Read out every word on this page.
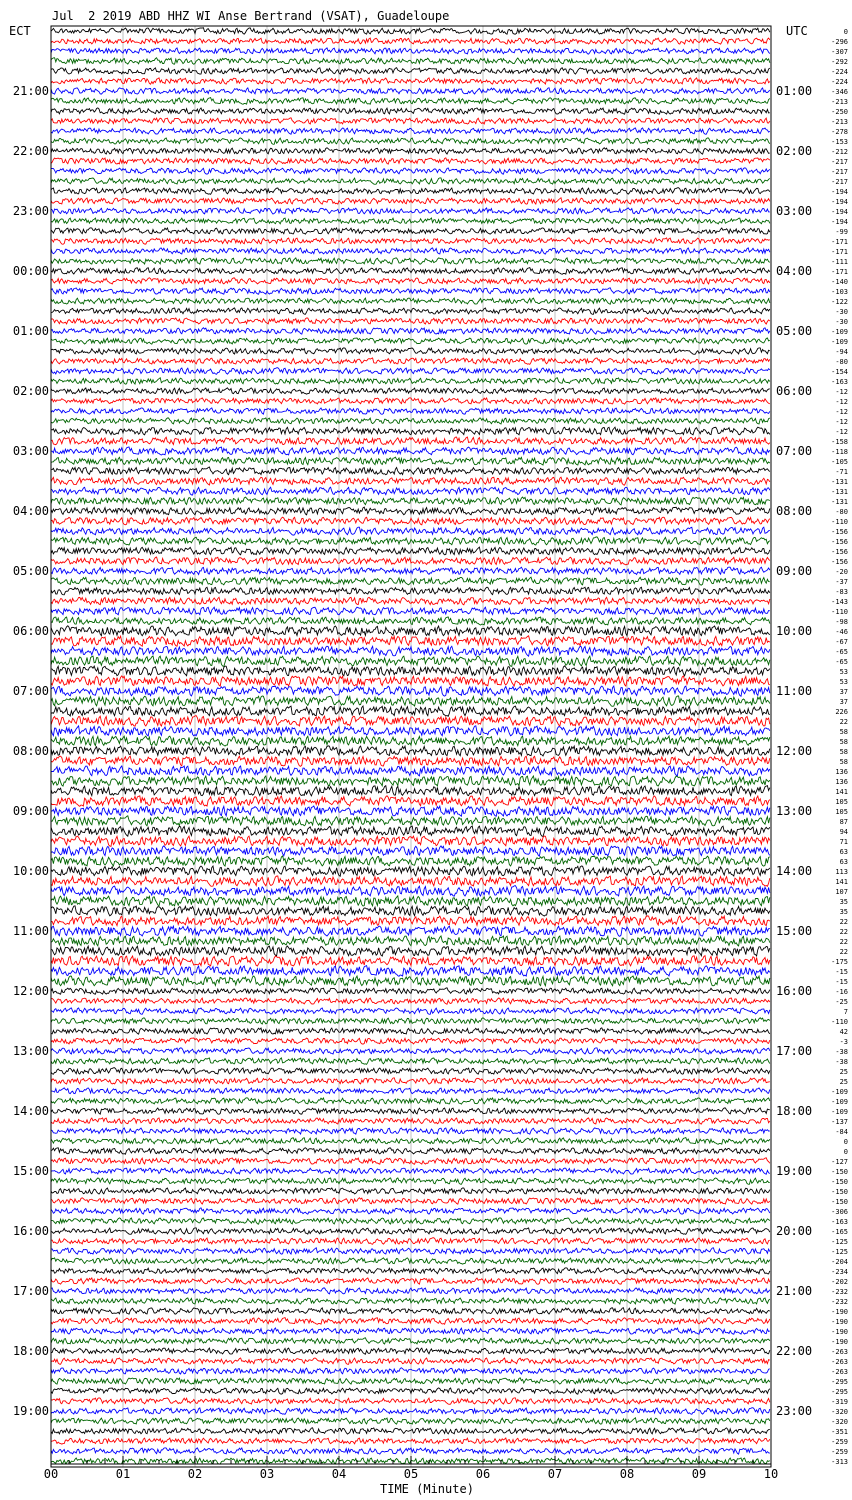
Jul  2 2019 ABD HHZ WI Anse Bertrand (VSAT), Guadeloupe
ECT	UTC
TIME (Minute)
00	01	02	03	04	05	06	07	08	09	10
21:00	01:00
22:00	02:00
23:00	03:00
00:00	04:00
01:00	05:00
02:00	06:00
03:00	07:00
04:00	08:00
05:00	09:00
06:00	10:00
07:00	11:00
08:00	12:00
09:00	13:00
10:00	14:00
11:00	15:00
12:00	16:00
13:00	17:00
14:00	18:00
15:00	19:00
16:00	20:00
17:00	21:00
18:00	22:00
19:00	23:00
0
-296
-307
-292
-224
-224
-346
-213
-250
-213
-278
-153
-212
-217
-217
-217
-194
-194
-194
-194
-99
-171
-171
-111
-171
-140
-103
-122
-30
-30
-109
-109
-94
-80
-154
-163
-12
-12
-12
-12
-12
-158
-118
-105
-71
-131
-131
-131
-80
-110
-156
-156
-156
-156
-20
-37
-83
-143
-110
-98
-46
-67
-65
-65
53
53
37
37
226
22
58
58
58
58
136
136
141
105
105
87
94
71
63
63
113
141
107
35
35
22
22
22
22
-175
-15
-15
-16
-25
7
-110
42
-3
-38
-38
25
25
-109
-109
-109
-137
-84
0
0
-127
-150
-150
-150
-150
-306
-163
-165
-125
-125
-204
-234
-202
-232
-232
-190
-190
-190
-190
-263
-263
-263
-295
-295
-319
-320
-320
-351
-259
-259
-313
